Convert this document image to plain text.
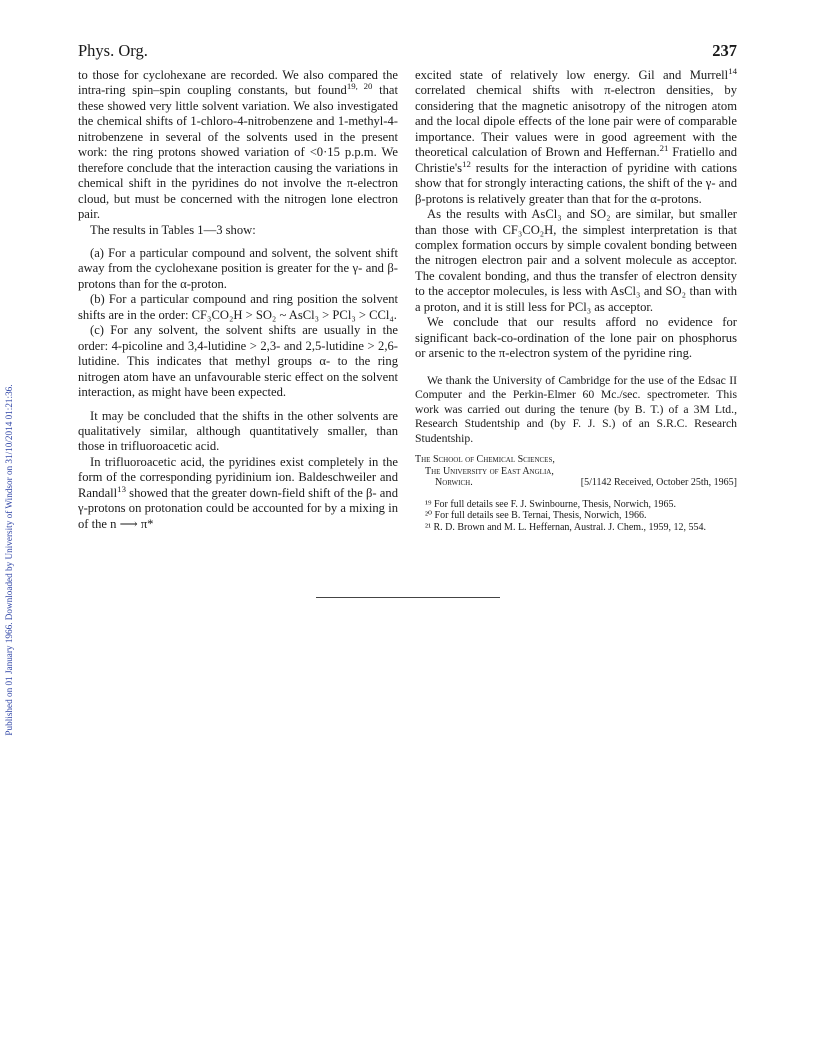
Published on 01 January 1966. Downloaded by University of Windsor on 31/10/2014 01:21:36.
Phys. Org.	237

to those for cyclohexane are recorded. We also compared the intra-ring spin–spin coupling constants, but found$^{19, 20}$ that these showed very little solvent variation. We also investigated the chemical shifts of 1-chloro-4-nitrobenzene and 1-methyl-4-nitrobenzene in several of the solvents used in the present work: the ring protons showed variation of <0·15 p.p.m. We therefore conclude that the interaction causing the variations in chemical shift in the pyridines do not involve the π-electron cloud, but must be concerned with the nitrogen lone electron pair.

The results in Tables 1—3 show:

(a) For a particular compound and solvent, the solvent shift away from the cyclohexane position is greater for the γ- and β-protons than for the α-proton.

(b) For a particular compound and ring position the solvent shifts are in the order: CF₃CO₂H > SO₂ ~ AsCl₃ > PCl₃ > CCl₄.

(c) For any solvent, the solvent shifts are usually in the order: 4-picoline and 3,4-lutidine > 2,3- and 2,5-lutidine > 2,6-lutidine. This indicates that methyl groups α- to the ring nitrogen atom have an unfavourable steric effect on the solvent interaction, as might have been expected.

It may be concluded that the shifts in the other solvents are qualitatively similar, although quantitatively smaller, than those in trifluoroacetic acid.

In trifluoroacetic acid, the pyridines exist completely in the form of the corresponding pyridinium ion. Baldeschweiler and Randall$^{13}$ showed that the greater down-field shift of the β- and γ-protons on protonation could be accounted for by a mixing in of the n ⟶ π*

excited state of relatively low energy. Gil and Murrell$^{14}$ correlated chemical shifts with π-electron densities, by considering that the magnetic anisotropy of the nitrogen atom and the local dipole effects of the lone pair were of comparable importance. Their values were in good agreement with the theoretical calculation of Brown and Heffernan.$^{21}$ Fratiello and $Christie's^{12}$ results for the interaction of pyridine with cations show that for strongly interacting cations, the shift of the γ- and β-protons is relatively greater than that for the α-protons.

As the results with AsCl₃ and SO₂ are similar, but smaller than those with CF₃CO₂H, the simplest interpretation is that complex formation occurs by simple covalent bonding between the nitrogen electron pair and a solvent molecule as acceptor. The covalent bonding, and thus the transfer of electron density to the acceptor molecules, is less with AsCl₃ and SO₂ than with a proton, and it is still less for PCl₃ as acceptor.

We conclude that our results afford no evidence for significant back-co-ordination of the lone pair on phosphorus or arsenic to the π-electron system of the pyridine ring.

We thank the University of Cambridge for the use of the Edsac II Computer and the Perkin-Elmer 60 Mc./sec. spectrometer. This work was carried out during the tenure (by B. T.) of a 3M Ltd., Research Studentship and (by F. J. S.) of an S.R.C. Research Studentship.

The School of Chemical Sciences,
The University of East Anglia,
Norwich.	[5/1142 Received, October 25th, 1965]
¹⁹ For full details see F. J. Swinbourne, Thesis, Norwich, 1965.
²⁰ For full details see B. Ternai, Thesis, Norwich, 1966.
²¹ R. D. Brown and M. L. Heffernan, Austral. J. Chem., 1959, 12, 554.
